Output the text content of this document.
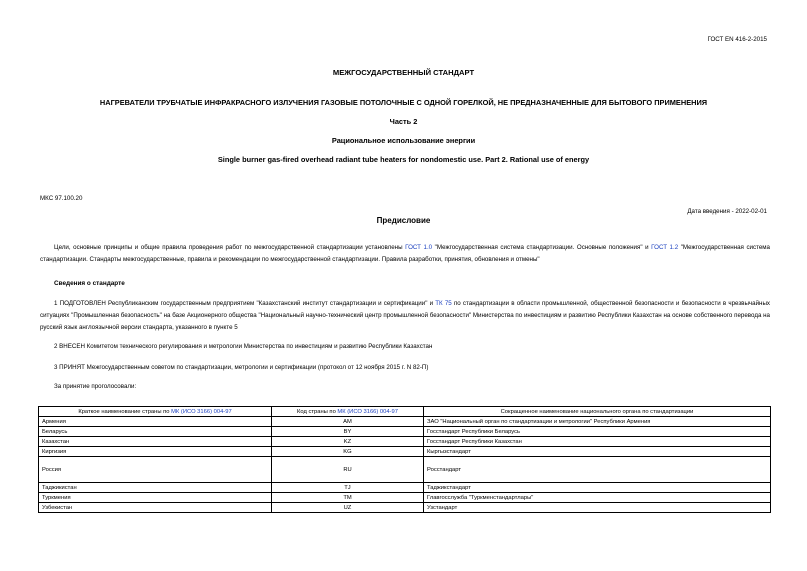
ГОСТ EN 416-2-2015
МЕЖГОСУДАРСТВЕННЫЙ СТАНДАРТ
НАГРЕВАТЕЛИ ТРУБЧАТЫЕ ИНФРАКРАСНОГО ИЗЛУЧЕНИЯ ГАЗОВЫЕ ПОТОЛОЧНЫЕ С ОДНОЙ ГОРЕЛКОЙ, НЕ ПРЕДНАЗНАЧЕННЫЕ ДЛЯ БЫТОВОГО ПРИМЕНЕНИЯ
Часть 2
Рациональное использование энергии
Single burner gas-fired overhead radiant tube heaters for nondomestic use. Part 2. Rational use of energy
МКС 97.100.20
Дата введения - 2022-02-01
Предисловие
Цели, основные принципы и общие правила проведения работ по межгосударственной стандартизации установлены ГОСТ 1.0 "Межгосударственная система стандартизации. Основные положения" и ГОСТ 1.2 "Межгосударственная система стандартизации. Стандарты межгосударственные, правила и рекомендации по межгосударственной стандартизации. Правила разработки, принятия, обновления и отмены"
Сведения о стандарте
1 ПОДГОТОВЛЕН Республиканским государственным предприятием "Казахстанский институт стандартизации и сертификации" и ТК 75 по стандартизации в области промышленной, общественной безопасности и безопасности в чрезвычайных ситуациях "Промышленная безопасность" на базе Акционерного общества "Национальный научно-технический центр промышленной безопасности" Министерства по инвестициям и развитию Республики Казахстан на основе собственного перевода на русский язык англоязычной версии стандарта, указанного в пункте 5
2 ВНЕСЕН Комитетом технического регулирования и метрологии Министерства по инвестициям и развитию Республики Казахстан
3 ПРИНЯТ Межгосударственным советом по стандартизации, метрологии и сертификации (протокол от 12 ноября 2015 г. N 82-П)
За принятие проголосовали:
Краткое наименование страны по МК (ИСО 3166) 004-97	Код страны по МК (ИСО 3166) 004-97	Сокращенное наименование национального органа по стандартизации
Армения	AM	ЗАО "Национальный орган по стандартизации и метрологии" Республики Армения
Беларусь	BY	Госстандарт Республики Беларусь
Казахстан	KZ	Госстандарт Республики Казахстан
Киргизия	KG	Кыргызстандарт
Россия	RU	Росстандарт
Таджикистан	TJ	Таджикстандарт
Туркмения	TM	Главгосслужба "Туркменстандартлары"
Узбекистан	UZ	Узстандарт
